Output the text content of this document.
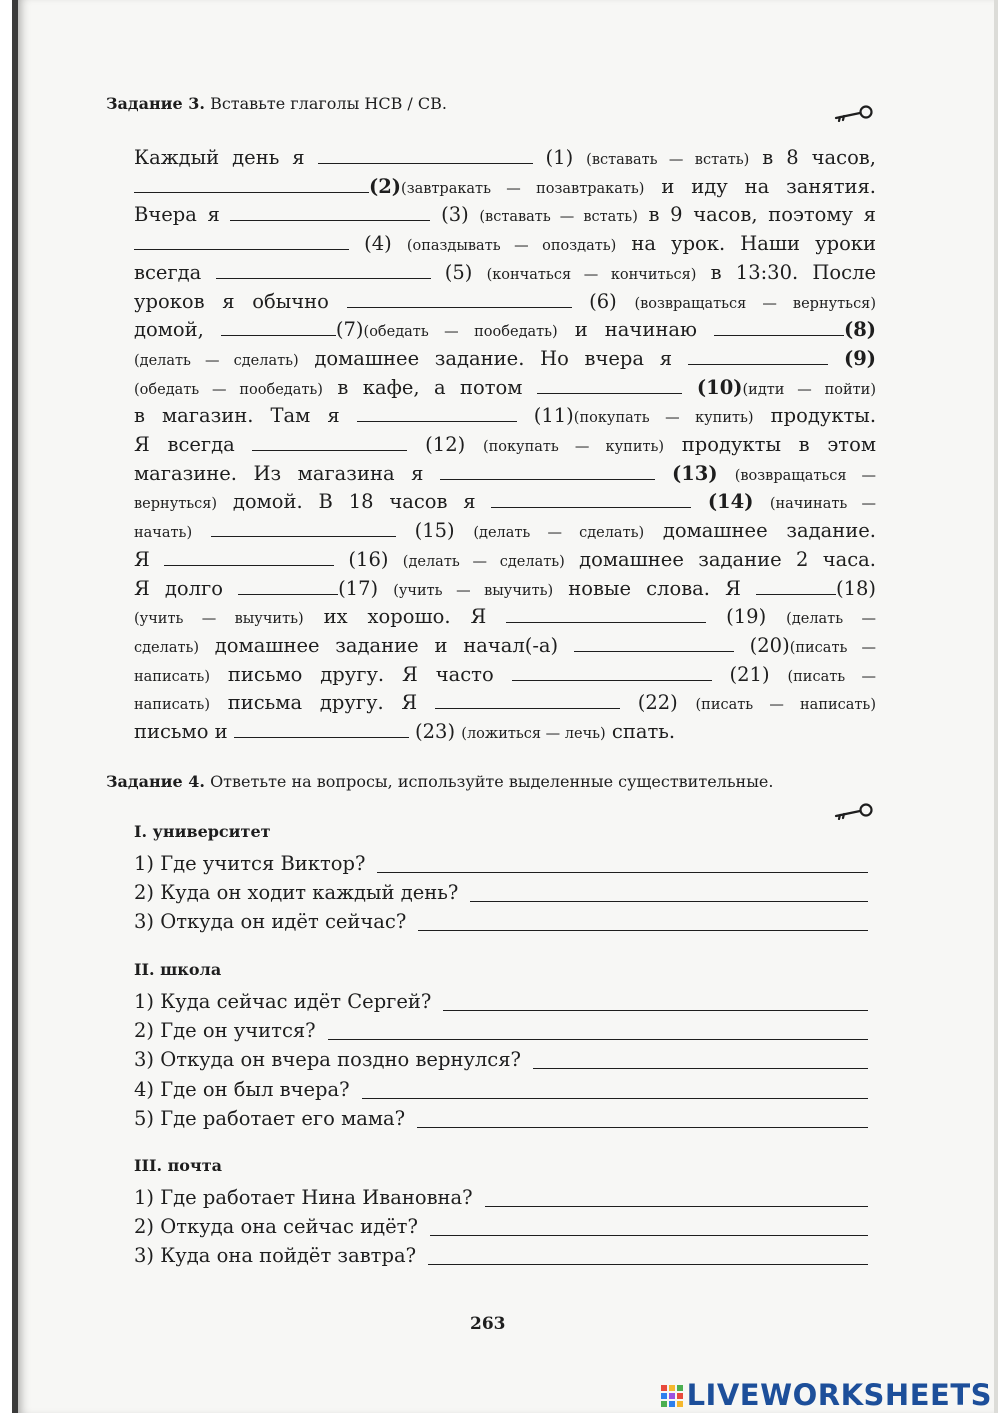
Задание 3. Вставьте глаголы НСВ / СВ.
Каждый день я	(1) (вставать — встать) в 8 часов,
(2)(завтракать — позавтракать) и иду на занятия.
Вчера я	(3) (вставать — встать) в 9 часов, поэтому я
(4) (опаздывать — опоздать) на урок. Наши уроки
всегда	(5) (кончаться — кончиться) в 13:30. После
уроков я обычно	(6) (возвращаться — вернуться)
домой,	(7)(обедать — пообедать) и начинаю	(8)
(делать — сделать) домашнее задание. Но вчера я	(9)
(обедать — пообедать) в кафе, а потом	(10)(идти — пойти)
в магазин. Там я	(11)(покупать — купить) продукты.
Я всегда	(12) (покупать — купить) продукты в этом
магазине. Из магазина я	(13) (возвращаться —
вернуться) домой. В 18 часов я	(14) (начинать —
начать)	(15) (делать — сделать) домашнее задание.
Я	(16) (делать — сделать) домашнее задание 2 часа.
Я долго	(17) (учить — выучить) новые слова. Я	(18)
(учить — выучить) их хорошо. Я	(19) (делать —
сделать) домашнее задание и начал(-а)	(20)(писать —
написать) письмо другу. Я часто	(21) (писать —
написать) письма другу. Я	(22) (писать — написать)
письмо и	(23) (ложиться — лечь) спать.
Задание 4. Ответьте на вопросы, используйте выделенные существительные.
I. университет
1) Где учится Виктор?
2) Куда он ходит каждый день?
3) Откуда он идёт сейчас?
II. школа
1) Куда сейчас идёт Сергей?
2) Где он учится?
3) Откуда он вчера поздно вернулся?
4) Где он был вчера?
5) Где работает его мама?
III. почта
1) Где работает Нина Ивановна?
2) Откуда она сейчас идёт?
3) Куда она пойдёт завтра?
263
LIVEWORKSHEETS
